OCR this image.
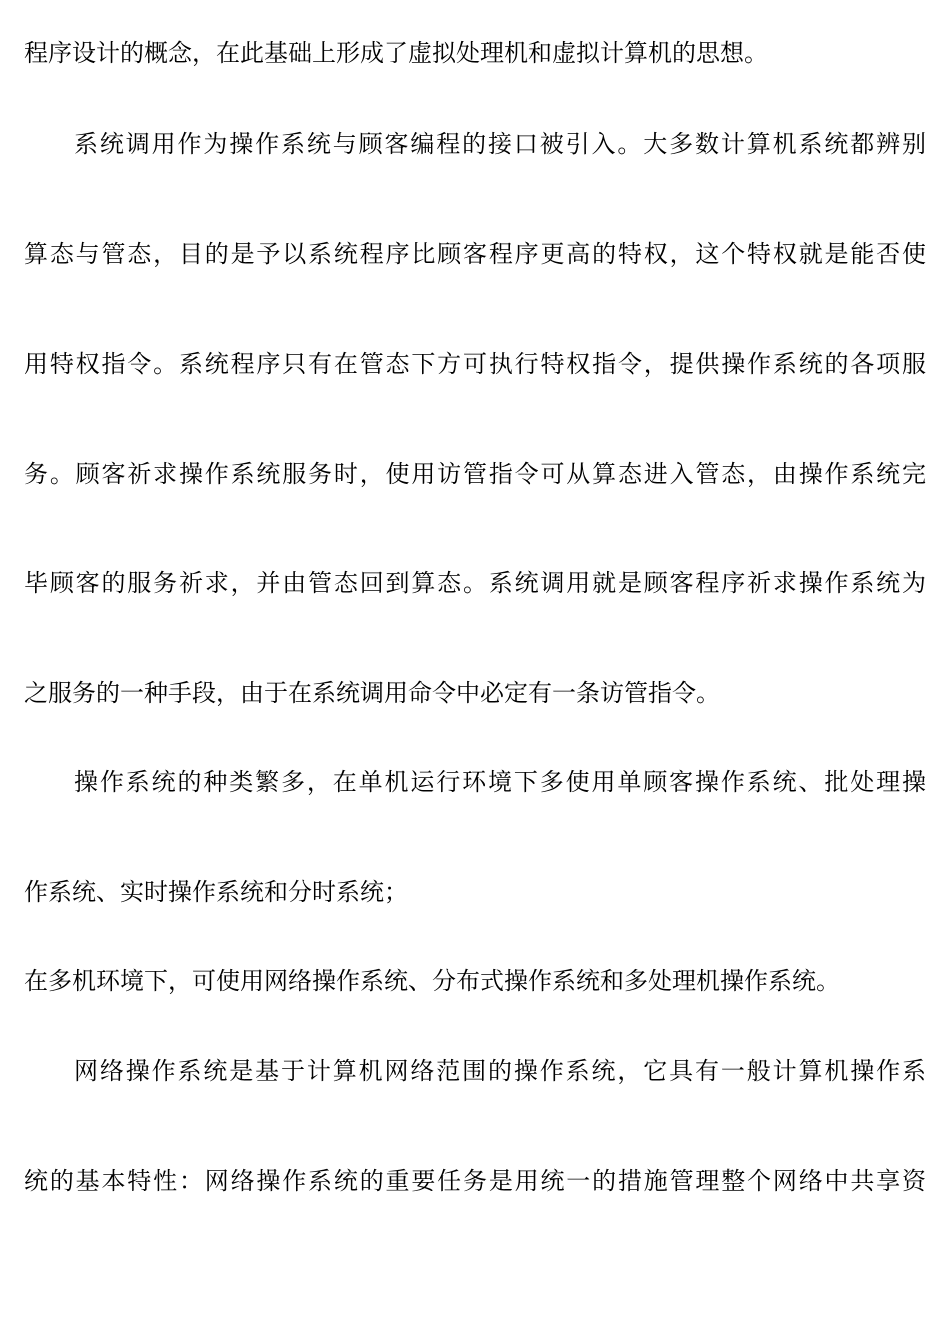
程序设计的概念，在此基础上形成了虚拟处理机和虚拟计算机的思想。
系统调用作为操作系统与顾客编程的接口被引入。大多数计算机系统都辨别
算态与管态，目的是予以系统程序比顾客程序更高的特权，这个特权就是能否使
用特权指令。系统程序只有在管态下方可执行特权指令，提供操作系统的各项服
务。顾客祈求操作系统服务时，使用访管指令可从算态进入管态，由操作系统完
毕顾客的服务祈求，并由管态回到算态。系统调用就是顾客程序祈求操作系统为
之服务的一种手段，由于在系统调用命令中必定有一条访管指令。
操作系统的种类繁多，在单机运行环境下多使用单顾客操作系统、批处理操
作系统、实时操作系统和分时系统；
在多机环境下，可使用网络操作系统、分布式操作系统和多处理机操作系统。
网络操作系统是基于计算机网络范围的操作系统，它具有一般计算机操作系
统的基本特性：网络操作系统的重要任务是用统一的措施管理整个网络中共享资
